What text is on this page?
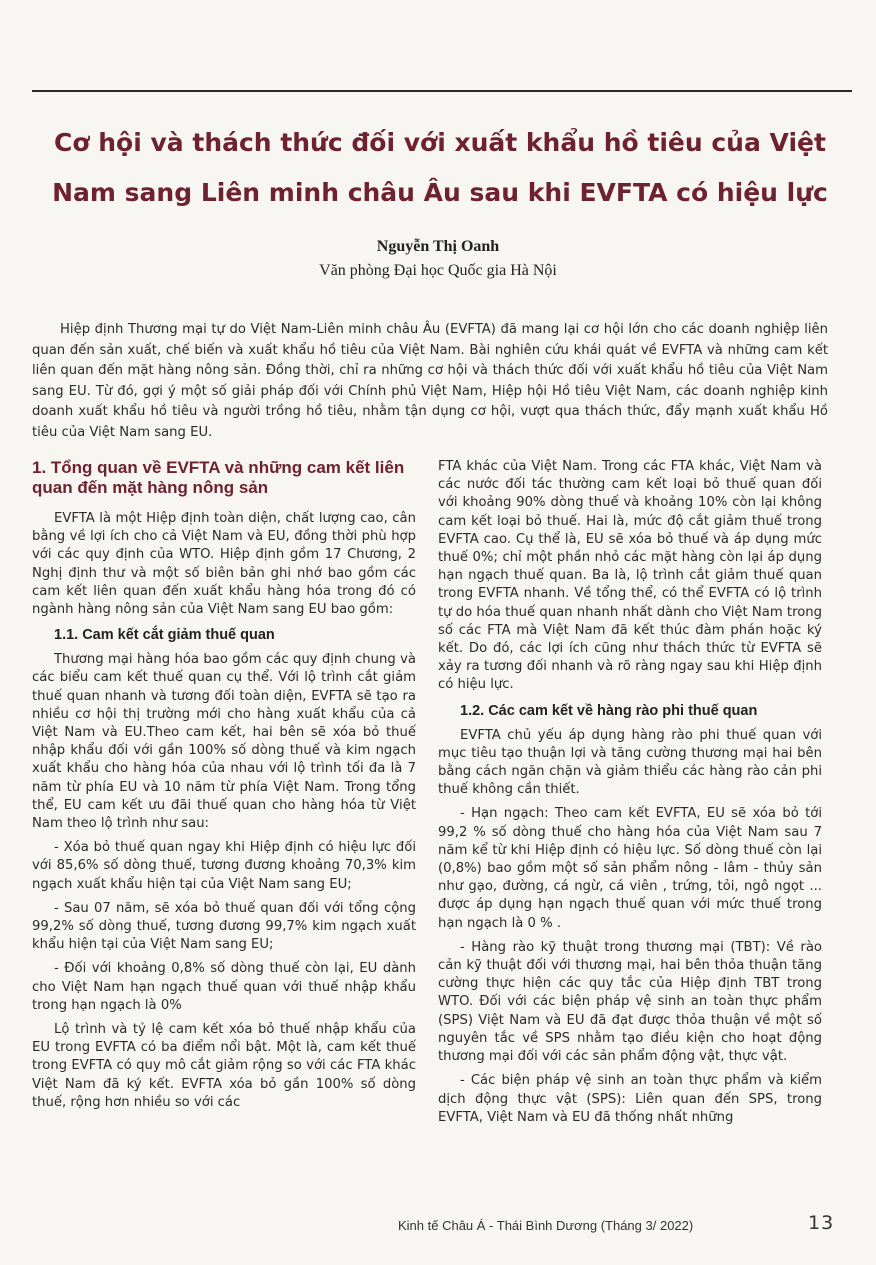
Cơ hội và thách thức đối với xuất khẩu hồ tiêu của Việt
Nam sang Liên minh châu Âu sau khi EVFTA có hiệu lực

Nguyễn Thị Oanh

Văn phòng Đại học Quốc gia Hà Nội

Hiệp định Thương mại tự do Việt Nam-Liên minh châu Âu (EVFTA) đã mang lại cơ hội lớn cho các doanh nghiệp liên quan đến sản xuất, chế biến và xuất khẩu hồ tiêu của Việt Nam. Bài nghiên cứu khái quát về EVFTA và những cam kết liên quan đến mặt hàng nông sản. Đồng thời, chỉ ra những cơ hội và thách thức đối với xuất khẩu hồ tiêu của Việt Nam sang EU. Từ đó, gợi ý một số giải pháp đối với Chính phủ Việt Nam, Hiệp hội Hồ tiêu Việt Nam, các doanh nghiệp kinh doanh xuất khẩu hồ tiêu và người trồng hồ tiêu, nhằm tận dụng cơ hội, vượt qua thách thức, đẩy mạnh xuất khẩu Hồ tiêu của Việt Nam sang EU.

1. Tổng quan về EVFTA và những cam kết liên quan đến mặt hàng nông sản

EVFTA là một Hiệp định toàn diện, chất lượng cao, cân bằng về lợi ích cho cả Việt Nam và EU, đồng thời phù hợp với các quy định của WTO. Hiệp định gồm 17 Chương, 2 Nghị định thư và một số biên bản ghi nhớ bao gồm các cam kết liên quan đến xuất khẩu hàng hóa trong đó có ngành hàng nông sản của Việt Nam sang EU bao gồm:

1.1. Cam kết cắt giảm thuế quan

Thương mại hàng hóa bao gồm các quy định chung và các biểu cam kết thuế quan cụ thể. Với lộ trình cắt giảm thuế quan nhanh và tương đối toàn diện, EVFTA sẽ tạo ra nhiều cơ hội thị trường mới cho hàng xuất khẩu của cả Việt Nam và EU.Theo cam kết, hai bên sẽ xóa bỏ thuế nhập khẩu đối với gần 100% số dòng thuế và kim ngạch xuất khẩu cho hàng hóa của nhau với lộ trình tối đa là 7 năm từ phía EU và 10 năm từ phía Việt Nam. Trong tổng thể, EU cam kết ưu đãi thuế quan cho hàng hóa từ Việt Nam theo lộ trình như sau:

- Xóa bỏ thuế quan ngay khi Hiệp định có hiệu lực đối với 85,6% số dòng thuế, tương đương khoảng 70,3% kim ngạch xuất khẩu hiện tại của Việt Nam sang EU;

- Sau 07 năm, sẽ xóa bỏ thuế quan đối với tổng cộng 99,2% số dòng thuế, tương đương 99,7% kim ngạch xuất khẩu hiện tại của Việt Nam sang EU;

- Đối với khoảng 0,8% số dòng thuế còn lại, EU dành cho Việt Nam hạn ngạch thuế quan với thuế nhập khẩu trong hạn ngạch là 0%

Lộ trình và tỷ lệ cam kết xóa bỏ thuế nhập khẩu của EU trong EVFTA có ba điểm nổi bật. Một là, cam kết thuế trong EVFTA có quy mô cắt giảm rộng so với các FTA khác Việt Nam đã ký kết. EVFTA xóa bỏ gần 100% số dòng thuế, rộng hơn nhiều so với các

FTA khác của Việt Nam. Trong các FTA khác, Việt Nam và các nước đối tác thường cam kết loại bỏ thuế quan đối với khoảng 90% dòng thuế và khoảng 10% còn lại không cam kết loại bỏ thuế. Hai là, mức độ cắt giảm thuế trong EVFTA cao. Cụ thể là, EU sẽ xóa bỏ thuế và áp dụng mức thuế 0%; chỉ một phần nhỏ các mặt hàng còn lại áp dụng hạn ngạch thuế quan. Ba là, lộ trình cắt giảm thuế quan trong EVFTA nhanh. Về tổng thể, có thể EVFTA có lộ trình tự do hóa thuế quan nhanh nhất dành cho Việt Nam trong số các FTA mà Việt Nam đã kết thúc đàm phán hoặc ký kết. Do đó, các lợi ích cũng như thách thức từ EVFTA sẽ xảy ra tương đối nhanh và rõ ràng ngay sau khi Hiệp định có hiệu lực.

1.2. Các cam kết về hàng rào phi thuế quan

EVFTA chủ yếu áp dụng hàng rào phi thuế quan với mục tiêu tạo thuận lợi và tăng cường thương mại hai bên bằng cách ngăn chặn và giảm thiểu các hàng rào cản phi thuế không cần thiết.

- Hạn ngạch: Theo cam kết EVFTA, EU sẽ xóa bỏ tới 99,2 % số dòng thuế cho hàng hóa của Việt Nam sau 7 năm kể từ khi Hiệp định có hiệu lực. Số dòng thuế còn lại (0,8%) bao gồm một số sản phẩm nông - lâm - thủy sản như gạo, đường, cá ngừ, cá viên , trứng, tỏi, ngô ngọt ... được áp dụng hạn ngạch thuế quan với mức thuế trong hạn ngạch là 0 % .

- Hàng rào kỹ thuật trong thương mại (TBT): Về rào cản kỹ thuật đối với thương mại, hai bên thỏa thuận tăng cường thực hiện các quy tắc của Hiệp định TBT trong WTO. Đối với các biện pháp vệ sinh an toàn thực phẩm (SPS) Việt Nam và EU đã đạt được thỏa thuận về một số nguyên tắc về SPS nhằm tạo điều kiện cho hoạt động thương mại đối với các sản phẩm động vật, thực vật.

- Các biện pháp vệ sinh an toàn thực phẩm và kiểm dịch động thực vật (SPS): Liên quan đến SPS, trong EVFTA, Việt Nam và EU đã thống nhất những

Kinh tế Châu Á - Thái Bình Dương (Tháng 3/ 2022)	13
